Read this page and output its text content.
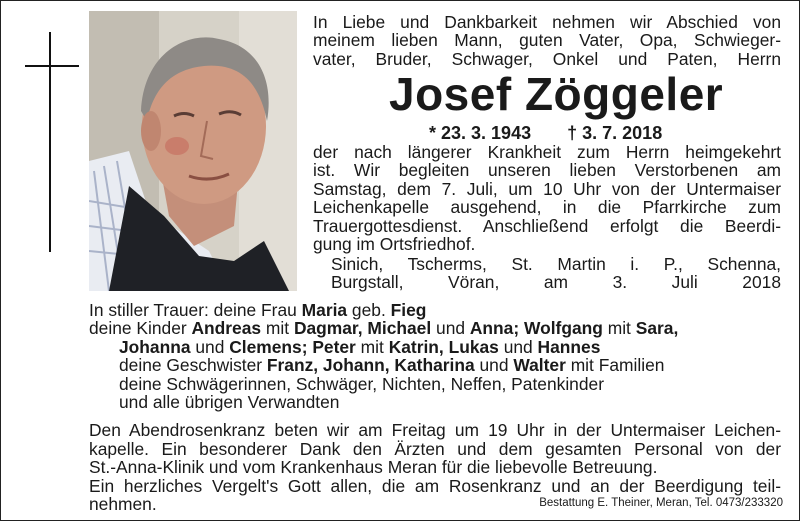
In Liebe und Dankbarkeit nehmen wir Abschied von
meinem lieben Mann, guten Vater, Opa, Schwieger-
vater, Bruder, Schwager, Onkel und Paten, Herrn
Josef Zöggeler
* 23. 3. 1943 † 3. 7. 2018
der nach längerer Krankheit zum Herrn heimgekehrt
ist. Wir begleiten unseren lieben Verstorbenen am
Samstag, dem 7. Juli, um 10 Uhr von der Untermaiser
Leichenkapelle ausgehend, in die Pfarrkirche zum
Trauergottesdienst. Anschließend erfolgt die Beerdi-
gung im Ortsfriedhof.
Sinich, Tscherms, St. Martin i. P., Schenna,
Burgstall, Vöran, am 3. Juli 2018
In stiller Trauer: deine Frau Maria geb. Fieg
deine Kinder Andreas mit Dagmar, Michael und Anna; Wolfgang mit Sara,
Johanna und Clemens; Peter mit Katrin, Lukas und Hannes
deine Geschwister Franz, Johann, Katharina und Walter mit Familien
deine Schwägerinnen, Schwäger, Nichten, Neffen, Patenkinder
und alle übrigen Verwandten
Den Abendrosenkranz beten wir am Freitag um 19 Uhr in der Untermaiser Leichen-
kapelle. Ein besonderer Dank den Ärzten und dem gesamten Personal von der
St.-Anna-Klinik und vom Krankenhaus Meran für die liebevolle Betreuung.
Ein herzliches Vergelt's Gott allen, die am Rosenkranz und an der Beerdigung teil-
nehmen.	Bestattung E. Theiner, Meran, Tel. 0473/233320
